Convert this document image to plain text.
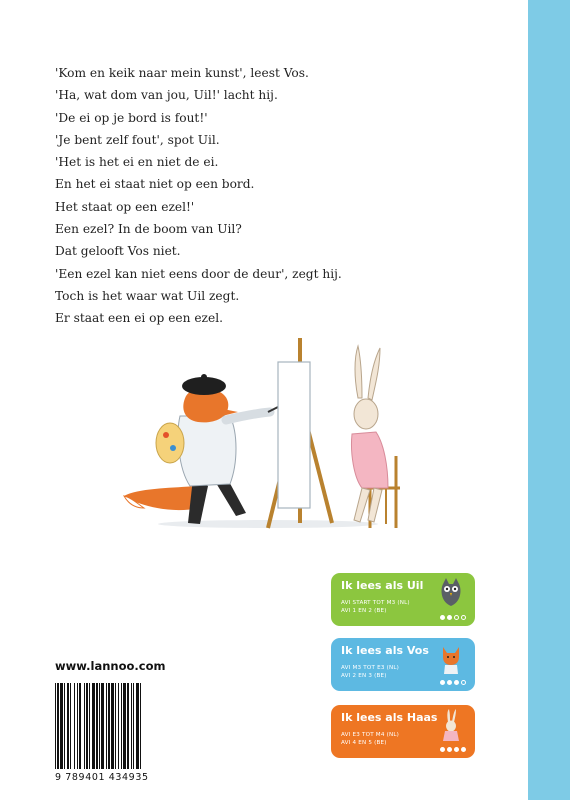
'Kom en keik naar mein kunst', leest Vos.
'Ha, wat dom van jou, Uil!' lacht hij.
'De ei op je bord is fout!'
'Je bent zelf fout', spot Uil.
'Het is het ei en niet de ei.
En het ei staat niet op een bord.
Het staat op een ezel!'
Een ezel? In de boom van Uil?
Dat gelooft Vos niet.
'Een ezel kan niet eens door de deur', zegt hij.
Toch is het waar wat Uil zegt.
Er staat een ei op een ezel.
Ik lees als Uil
AVI START TOT M3 (NL)
AVI 1 EN 2 (BE)
Ik lees als Vos
AVI M3 TOT E3 (NL)
AVI 2 EN 3 (BE)
Ik lees als Haas
AVI E3 TOT M4 (NL)
AVI 4 EN 5 (BE)
www.lannoo.com
9 789401 434935
